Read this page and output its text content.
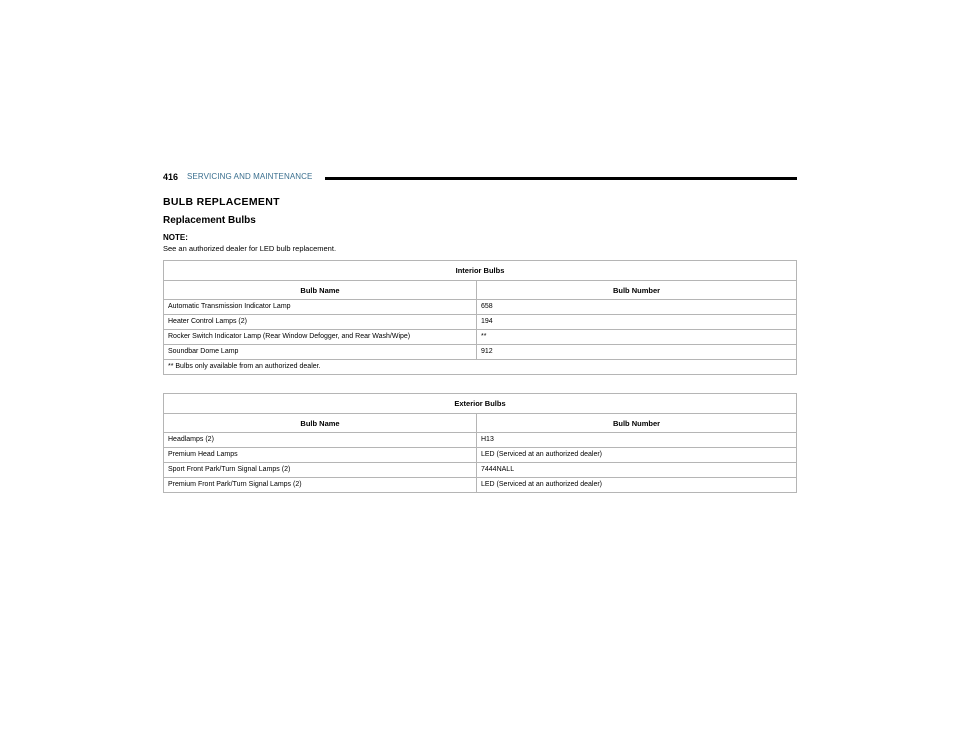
416 SERVICING AND MAINTENANCE
BULB REPLACEMENT
Replacement Bulbs
NOTE:
See an authorized dealer for LED bulb replacement.
Interior Bulbs	
Bulb Name	Bulb Number
Automatic Transmission Indicator Lamp	658
Heater Control Lamps (2)	194
Rocker Switch Indicator Lamp (Rear Window Defogger, and Rear Wash/Wipe)	**
Soundbar Dome Lamp	912
** Bulbs only available from an authorized dealer.	
Exterior Bulbs	
Bulb Name	Bulb Number
Headlamps (2)	H13
Premium Head Lamps	LED (Serviced at an authorized dealer)
Sport Front Park/Turn Signal Lamps (2)	7444NALL
Premium Front Park/Turn Signal Lamps (2)	LED (Serviced at an authorized dealer)
